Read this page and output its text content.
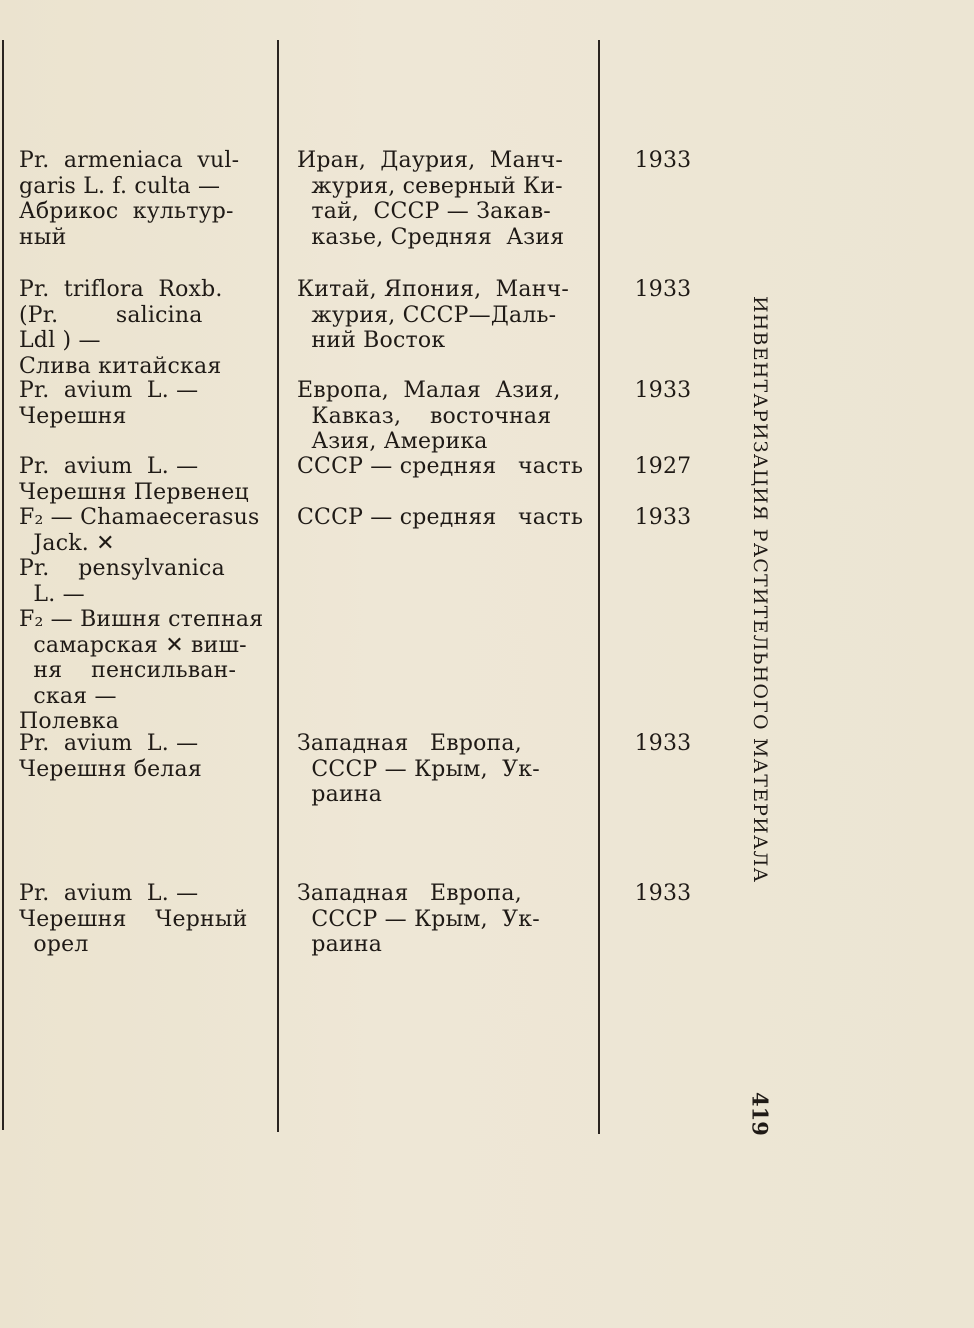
Pr.  armeniaca  vul-
garis L. f. culta —
Абрикос  культур-
ный
Иран,  Даурия,  Манч-
журия, северный Ки-
тай,  СССР — Закав-
казье, Средняя  Азия
1933
Pr.  triflora  Roxb.
(Pr.        salicina
Ldl ) —
Слива китайская
Китай, Япония,  Манч-
журия, СССР—Даль-
ний Восток
1933
Pr.  avium  L. —
Черешня
Европа,  Малая  Азия,
Кавказ,    восточная
Азия, Америка
1933
Pr.  avium  L. —
Черешня Первенец
СССР — средняя   часть	1927
F₂ — Chamaecerasus
Jack. ✕
Pr.    pensylvanica
L. —
F₂ — Вишня степная
самарская ✕ виш-
ня    пенсильван-
ская —
Полевка
СССР — средняя   часть	1933
Pr.  avium  L. —
Черешня белая
Западная   Европа,
СССР — Крым,  Ук-
раина
1933
Pr.  avium  L. —
Черешня    Черный
орел
Западная   Европа,
СССР — Крым,  Ук-
раина
1933
ИНВЕНТАРИЗАЦИЯ РАСТИТЕЛЬНОГО МАТЕРИАЛА
419
